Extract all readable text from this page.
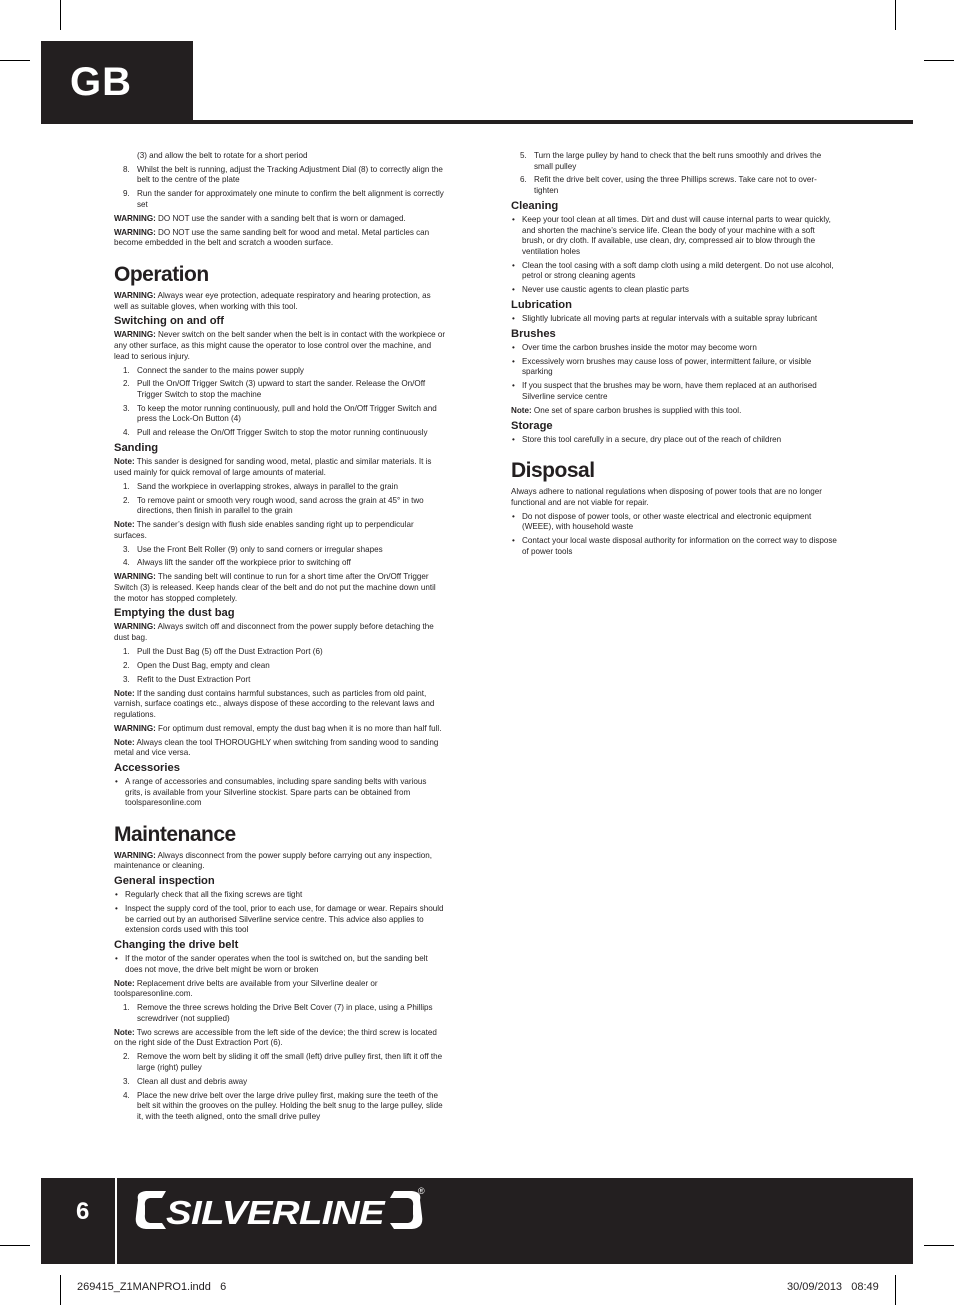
GB

(3) and allow the belt to rotate for a short period

8. Whilst the belt is running, adjust the Tracking Adjustment Dial (8) to correctly align the belt to the centre of the plate
9. Run the sander for approximately one minute to confirm the belt alignment is correctly set

WARNING: DO NOT use the sander with a sanding belt that is worn or damaged.

WARNING: DO NOT use the same sanding belt for wood and metal. Metal particles can become embedded in the belt and scratch a wooden surface.

Operation

WARNING: Always wear eye protection, adequate respiratory and hearing protection, as well as suitable gloves, when working with this tool.

Switching on and off

WARNING: Never switch on the belt sander when the belt is in contact with the workpiece or any other surface, as this might cause the operator to lose control over the machine, and lead to serious injury.

1. Connect the sander to the mains power supply
2. Pull the On/Off Trigger Switch (3) upward to start the sander. Release the On/Off Trigger Switch to stop the machine
3. To keep the motor running continuously, pull and hold the On/Off Trigger Switch and press the Lock-On Button (4)
4. Pull and release the On/Off Trigger Switch to stop the motor running continuously
Sanding

Note: This sander is designed for sanding wood, metal, plastic and similar materials. It is used mainly for quick removal of large amounts of material.

1. Sand the workpiece in overlapping strokes, always in parallel to the grain
2. To remove paint or smooth very rough wood, sand across the grain at 45° in two directions, then finish in parallel to the grain

Note: The sander’s design with flush side enables sanding right up to perpendicular surfaces.

3. Use the Front Belt Roller (9) only to sand corners or irregular shapes
4. Always lift the sander off the workpiece prior to switching off

WARNING: The sanding belt will continue to run for a short time after the On/Off Trigger Switch (3) is released. Keep hands clear of the belt and do not put the machine down until the motor has stopped completely.

Emptying the dust bag

WARNING: Always switch off and disconnect from the power supply before detaching the dust bag.

1. Pull the Dust Bag (5) off the Dust Extraction Port (6)
2. Open the Dust Bag, empty and clean
3. Refit to the Dust Extraction Port

Note: If the sanding dust contains harmful substances, such as particles from old paint, varnish, surface coatings etc., always dispose of these according to the relevant laws and regulations.

WARNING: For optimum dust removal, empty the dust bag when it is no more than half full.

Note: Always clean the tool THOROUGHLY when switching from sanding wood to sanding metal and vice versa.

Accessories
• A range of accessories and consumables, including spare sanding belts with various grits, is available from your Silverline stockist. Spare parts can be obtained from toolsparesonline.com
Maintenance

WARNING: Always disconnect from the power supply before carrying out any inspection, maintenance or cleaning.

General inspection
• Regularly check that all the fixing screws are tight
• Inspect the supply cord of the tool, prior to each use, for damage or wear. Repairs should be carried out by an authorised Silverline service centre. This advice also applies to extension cords used with this tool
Changing the drive belt
• If the motor of the sander operates when the tool is switched on, but the sanding belt does not move, the drive belt might be worn or broken

Note: Replacement drive belts are available from your Silverline dealer or toolsparesonline.com.

1. Remove the three screws holding the Drive Belt Cover (7) in place, using a Phillips screwdriver (not supplied)

Note: Two screws are accessible from the left side of the device; the third screw is located on the right side of the Dust Extraction Port (6).

2. Remove the worn belt by sliding it off the small (left) drive pulley first, then lift it off the large (right) pulley
3. Clean all dust and debris away
4. Place the new drive belt over the large drive pulley first, making sure the teeth of the belt sit within the grooves on the pulley. Holding the belt snug to the large pulley, slide it, with the teeth aligned, onto the small drive pulley
5. Turn the large pulley by hand to check that the belt runs smoothly and drives the small pulley
6. Refit the drive belt cover, using the three Phillips screws. Take care not to over-tighten
Cleaning
• Keep your tool clean at all times. Dirt and dust will cause internal parts to wear quickly, and shorten the machine’s service life. Clean the body of your machine with a soft brush, or dry cloth. If available, use clean, dry, compressed air to blow through the ventilation holes
• Clean the tool casing with a soft damp cloth using a mild detergent. Do not use alcohol, petrol or strong cleaning agents
• Never use caustic agents to clean plastic parts
Lubrication
• Slightly lubricate all moving parts at regular intervals with a suitable spray lubricant
Brushes
• Over time the carbon brushes inside the motor may become worn
• Excessively worn brushes may cause loss of power, intermittent failure, or visible sparking
• If you suspect that the brushes may be worn, have them replaced at an authorised Silverline service centre

Note: One set of spare carbon brushes is supplied with this tool.

Storage
• Store this tool carefully in a secure, dry place out of the reach of children
Disposal

Always adhere to national regulations when disposing of power tools that are no longer functional and are not viable for repair.

• Do not dispose of power tools, or other waste electrical and electronic equipment (WEEE), with household waste
• Contact your local waste disposal authority for information on the correct way to dispose of power tools
6 SILVERLINE
®
269415_Z1MANPRO1.indd   6	30/09/2013   08:49
